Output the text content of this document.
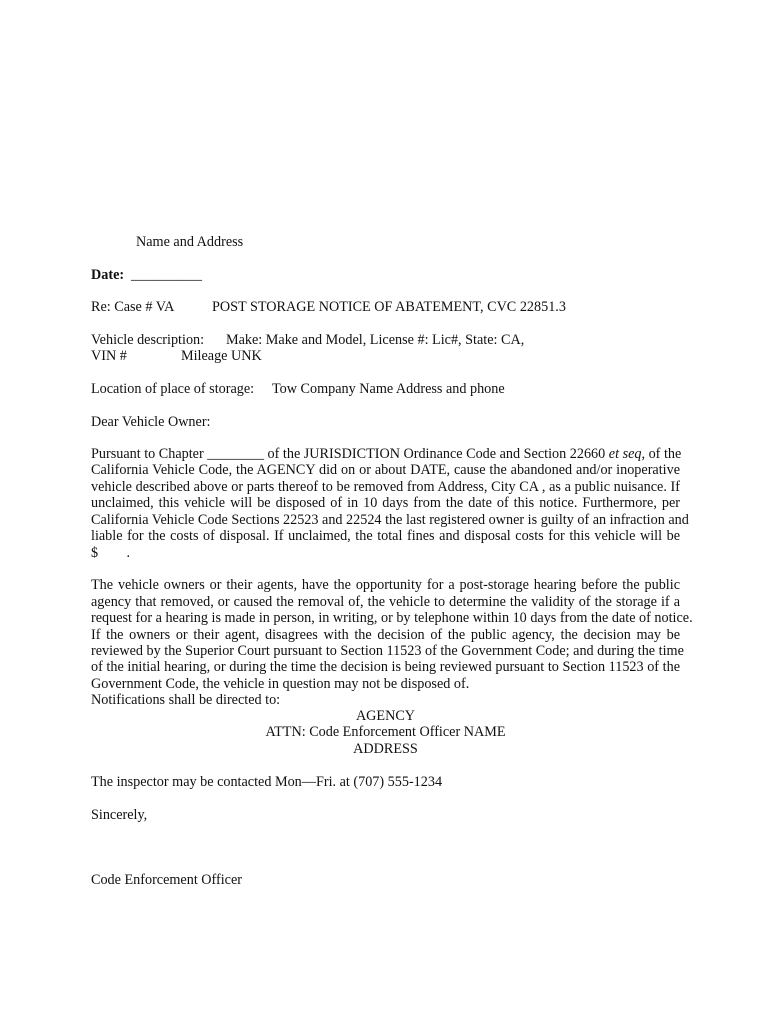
Name and Address
Date: __________
Re: Case # VA	POST STORAGE NOTICE OF ABATEMENT, CVC 22851.3
Vehicle description: Make: Make and Model, License #: Lic#, State: CA,
VIN #	Mileage UNK
Location of place of storage: Tow Company Name Address and phone
Dear Vehicle Owner:
Pursuant to Chapter ________ of the JURISDICTION Ordinance Code and Section 22660 et seq, of the
California Vehicle Code, the AGENCY did on or about DATE, cause the abandoned and/or inoperative
vehicle described above or parts thereof to be removed from Address, City CA , as a public nuisance. If
unclaimed, this vehicle will be disposed of in 10 days from the date of this notice. Furthermore, per
California Vehicle Code Sections 22523 and 22524 the last registered owner is guilty of an infraction and
liable for the costs of disposal. If unclaimed, the total fines and disposal costs for this vehicle will be
$        .
The vehicle owners or their agents, have the opportunity for a post-storage hearing before the public
agency that removed, or caused the removal of, the vehicle to determine the validity of the storage if a
request for a hearing is made in person, in writing, or by telephone within 10 days from the date of notice.
If the owners or their agent, disagrees with the decision of the public agency, the decision may be
reviewed by the Superior Court pursuant to Section 11523 of the Government Code; and during the time
of the initial hearing, or during the time the decision is being reviewed pursuant to Section 11523 of the
Government Code, the vehicle in question may not be disposed of.
Notifications shall be directed to:
AGENCY
ATTN: Code Enforcement Officer NAME
ADDRESS
The inspector may be contacted Mon—Fri. at (707) 555-1234
Sincerely,
Code Enforcement Officer
